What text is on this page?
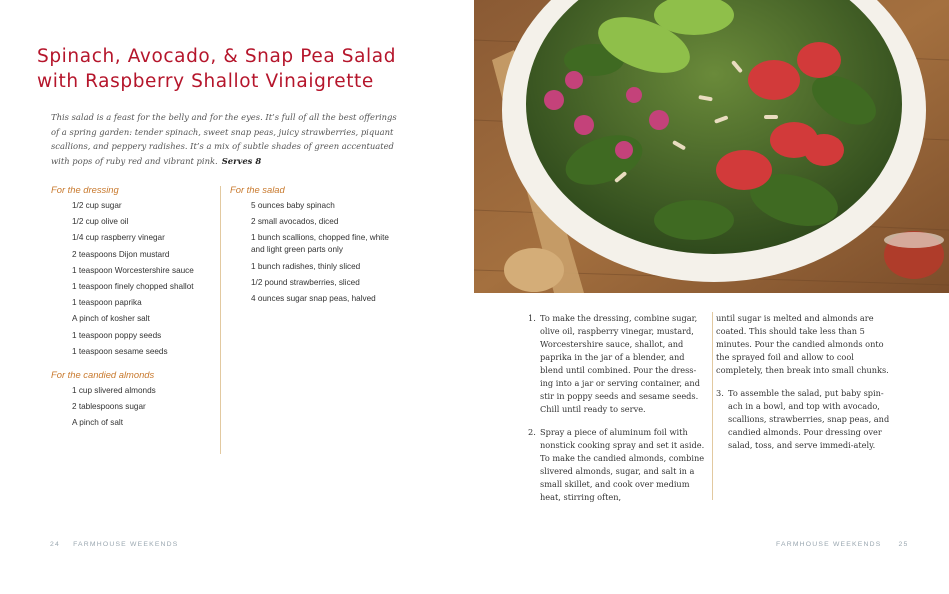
Spinach, Avocado, & Snap Pea Salad
with Raspberry Shallot Vinaigrette
This salad is a feast for the belly and for the eyes. It’s full of all the best offerings of a spring garden: tender spinach, sweet snap peas, juicy strawberries, piquant scallions, and peppery radishes. It’s a mix of subtle shades of green accentuated with pops of ruby red and vibrant pink. Serves 8
For the dressing
1/2 cup sugar
1/2 cup olive oil
1/4 cup raspberry vinegar
2 teaspoons Dijon mustard
1 teaspoon Worcestershire sauce
1 teaspoon finely chopped shallot
1 teaspoon paprika
A pinch of kosher salt
1 teaspoon poppy seeds
1 teaspoon sesame seeds
For the candied almonds
1 cup slivered almonds
2 tablespoons sugar
A pinch of salt
For the salad
5 ounces baby spinach
2 small avocados, diced
1 bunch scallions, chopped fine, white and light green parts only
1 bunch radishes, thinly sliced
1/2 pound strawberries, sliced
4 ounces sugar snap peas, halved
24 FARMHOUSE WEEKENDS
1. To make the dressing, combine sugar, olive oil, raspberry vinegar, mustard, Worcestershire sauce, shallot, and paprika in the jar of a blender, and blend until combined. Pour the dress-ing into a jar or serving container, and stir in poppy seeds and sesame seeds. Chill until ready to serve.
2. Spray a piece of aluminum foil with nonstick cooking spray and set it aside. To make the candied almonds, combine slivered almonds, sugar, and salt in a small skillet, and cook over medium heat, stirring often,
until sugar is melted and almonds are coated. This should take less than 5 minutes. Pour the candied almonds onto the sprayed foil and allow to cool completely, then break into small chunks.
3. To assemble the salad, put baby spin-ach in a bowl, and top with avocado, scallions, strawberries, snap peas, and candied almonds. Pour dressing over salad, toss, and serve immedi-ately.
FARMHOUSE WEEKENDS	25
